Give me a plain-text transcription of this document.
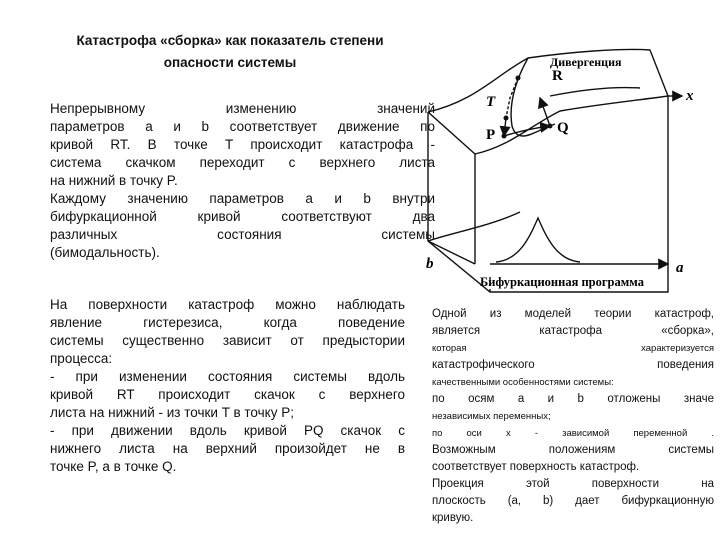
Катастрофа «сборка» как показатель степени
опасности системы
Непрерывному изменению значений
параметров a и b соответствует движение по
кривой RT. В точке T происходит катастрофа -
система скачком переходит с верхнего листа
на нижний в точку P.
Каждому значению параметров a и b внутри
бифуркационной кривой соответствуют два
различных состояния системы
(бимодальность).
На поверхности катастроф можно наблюдать
явление гистерезиса, когда поведение
системы существенно зависит от предыстории
процесса:
- при изменении состояния системы вдоль
кривой RT происходит скачок с верхнего
листа на нижний - из точки T в точку P;
- при движении вдоль кривой PQ скачок с
нижнего листа на верхний произойдет не в
точке P, а в точке Q.
Одной из моделей теории катастроф,
является катастрофа «сборка»,
которая характеризуется
катастрофического поведения
качественными особенностями системы:
по осям a и b отложены значе
независимых переменных;
по оси x - зависимой переменной .
Возможным положениям системы
соответствует поверхность катастроф.
Проекция этой поверхности на
плоскость (a, b) дает бифуркационную
кривую.
Дивергенция
R
T
P	Q
x
a
b
Бифуркационная программа
